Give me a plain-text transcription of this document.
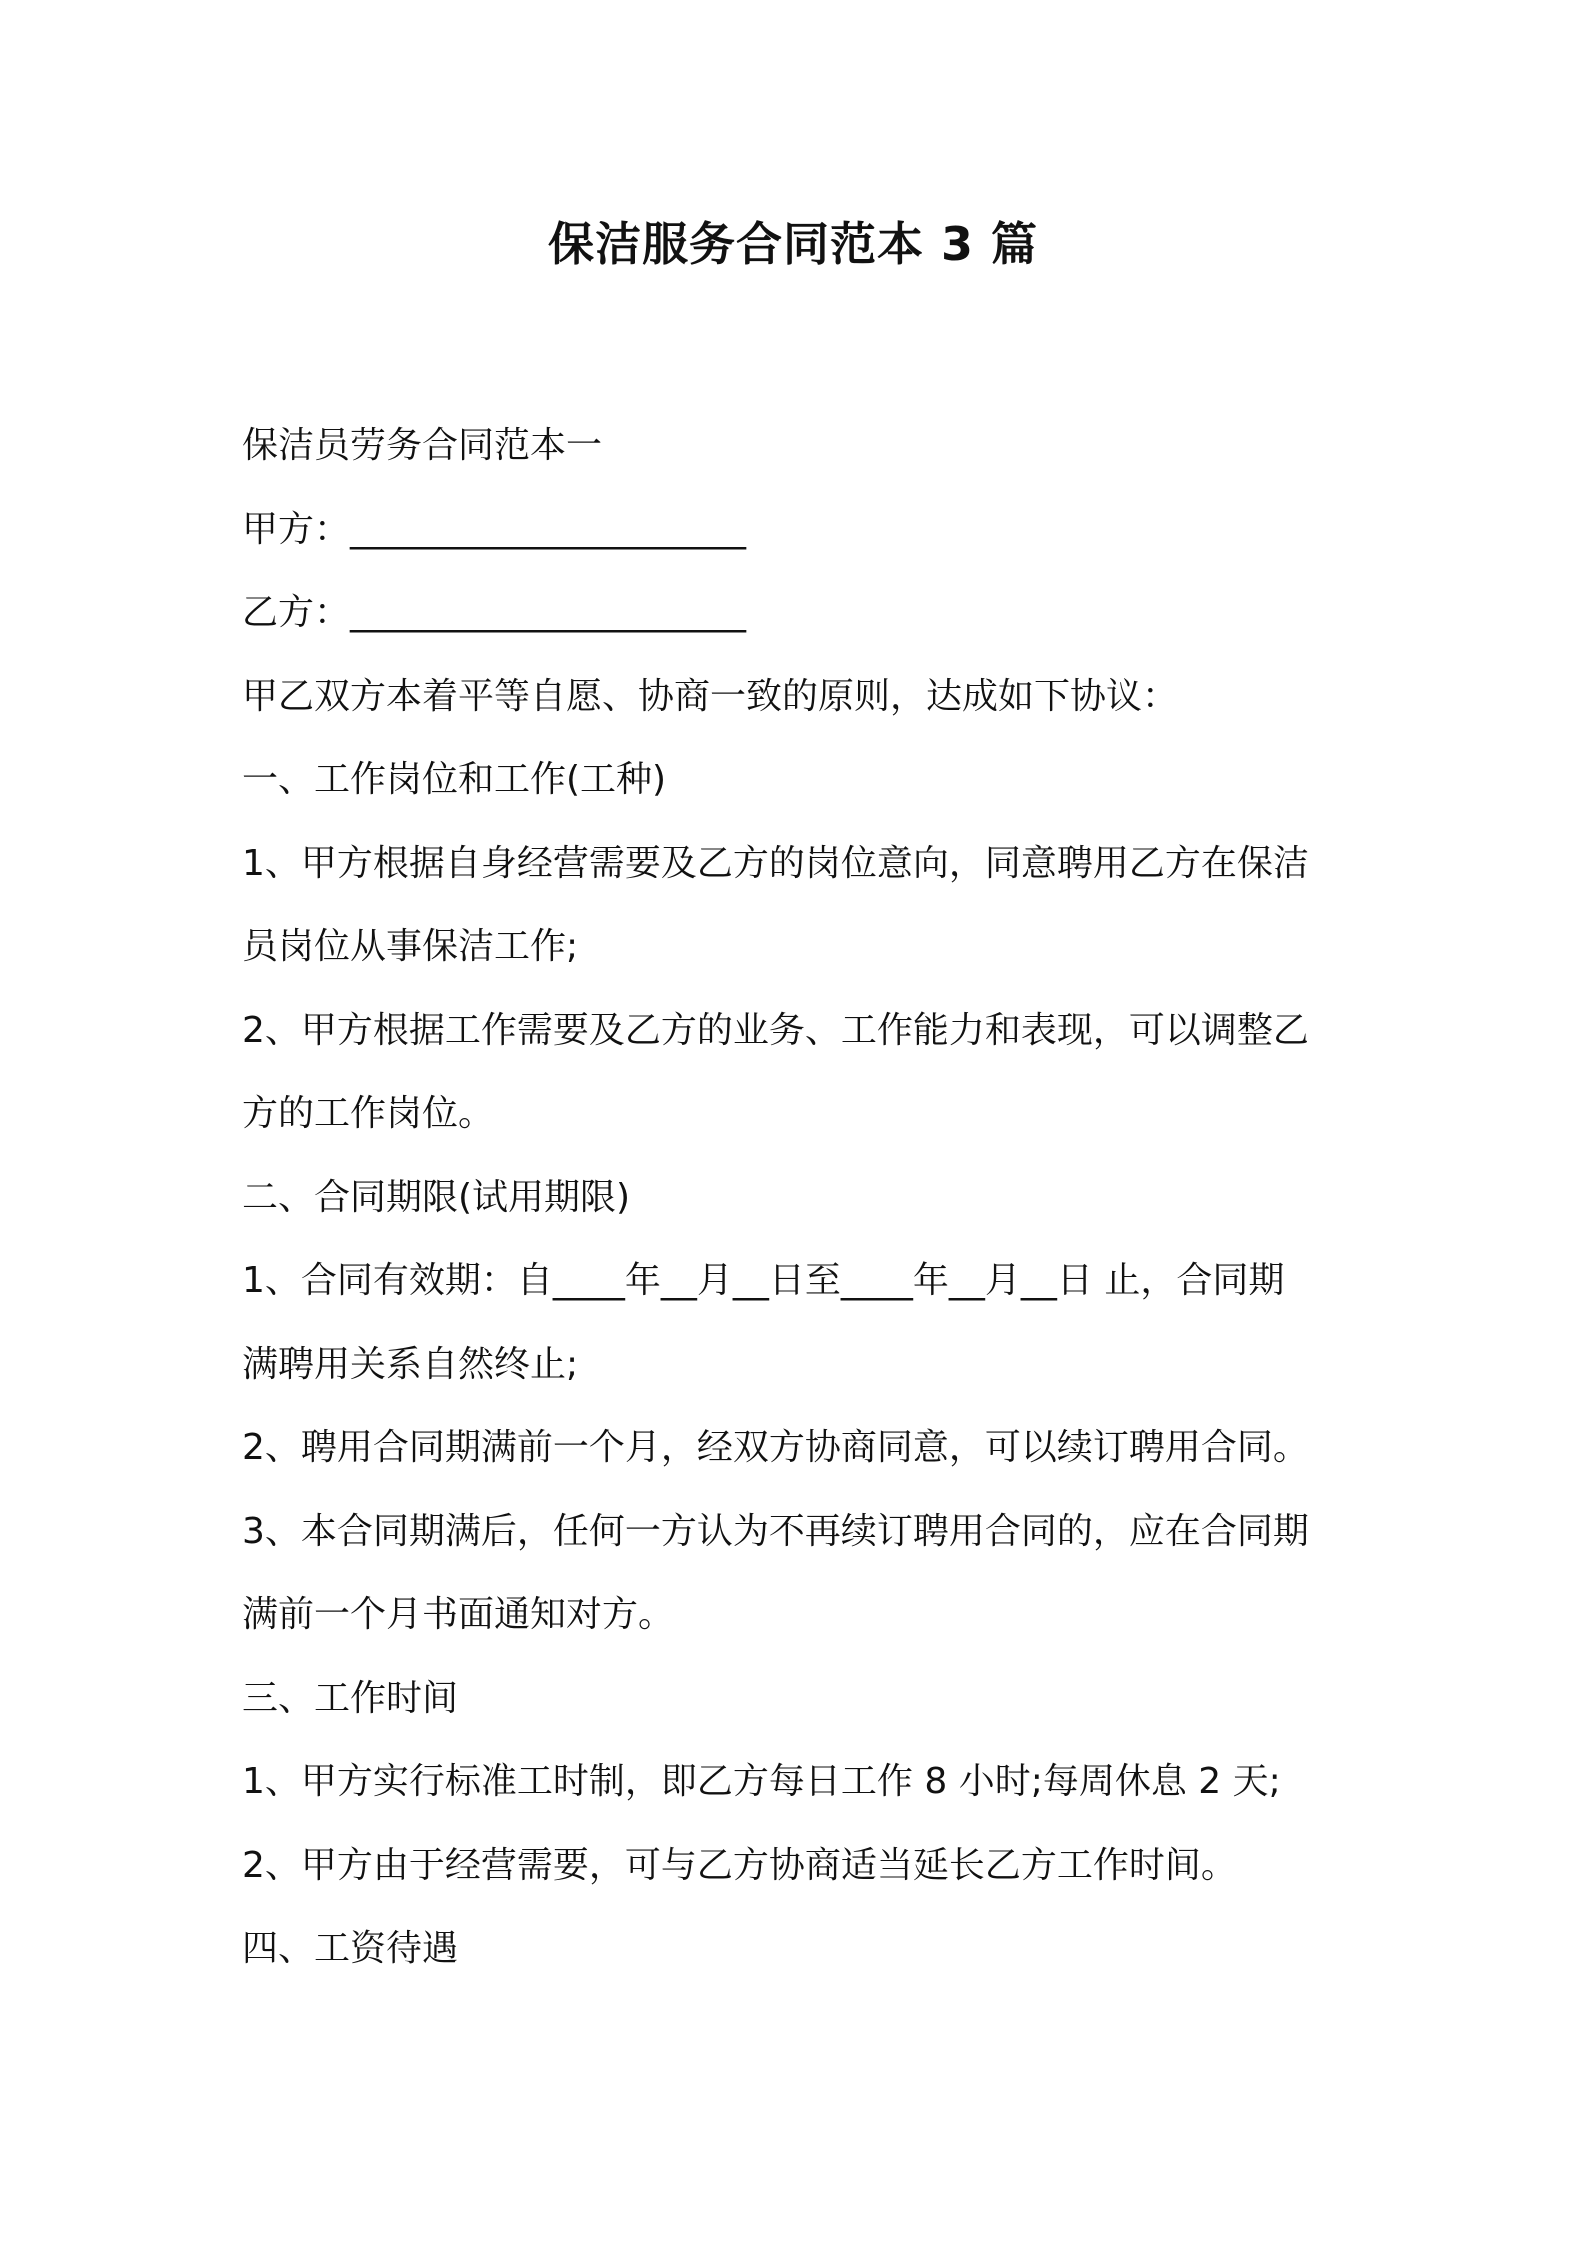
保洁服务合同范本 3 篇
保洁员劳务合同范本一
甲方：______________________
乙方：______________________
甲乙双方本着平等自愿、协商一致的原则，达成如下协议：
一、工作岗位和工作(工种)
1、甲方根据自身经营需要及乙方的岗位意向，同意聘用乙方在保洁
员岗位从事保洁工作;
2、甲方根据工作需要及乙方的业务、工作能力和表现，可以调整乙
方的工作岗位。
二、合同期限(试用期限)
1、合同有效期：自____年__月__日至____年__月__日 止，合同期
满聘用关系自然终止;
2、聘用合同期满前一个月，经双方协商同意，可以续订聘用合同。
3、本合同期满后，任何一方认为不再续订聘用合同的，应在合同期
满前一个月书面通知对方。
三、工作时间
1、甲方实行标准工时制，即乙方每日工作 8 小时;每周休息 2 天;
2、甲方由于经营需要，可与乙方协商适当延长乙方工作时间。
四、工资待遇
